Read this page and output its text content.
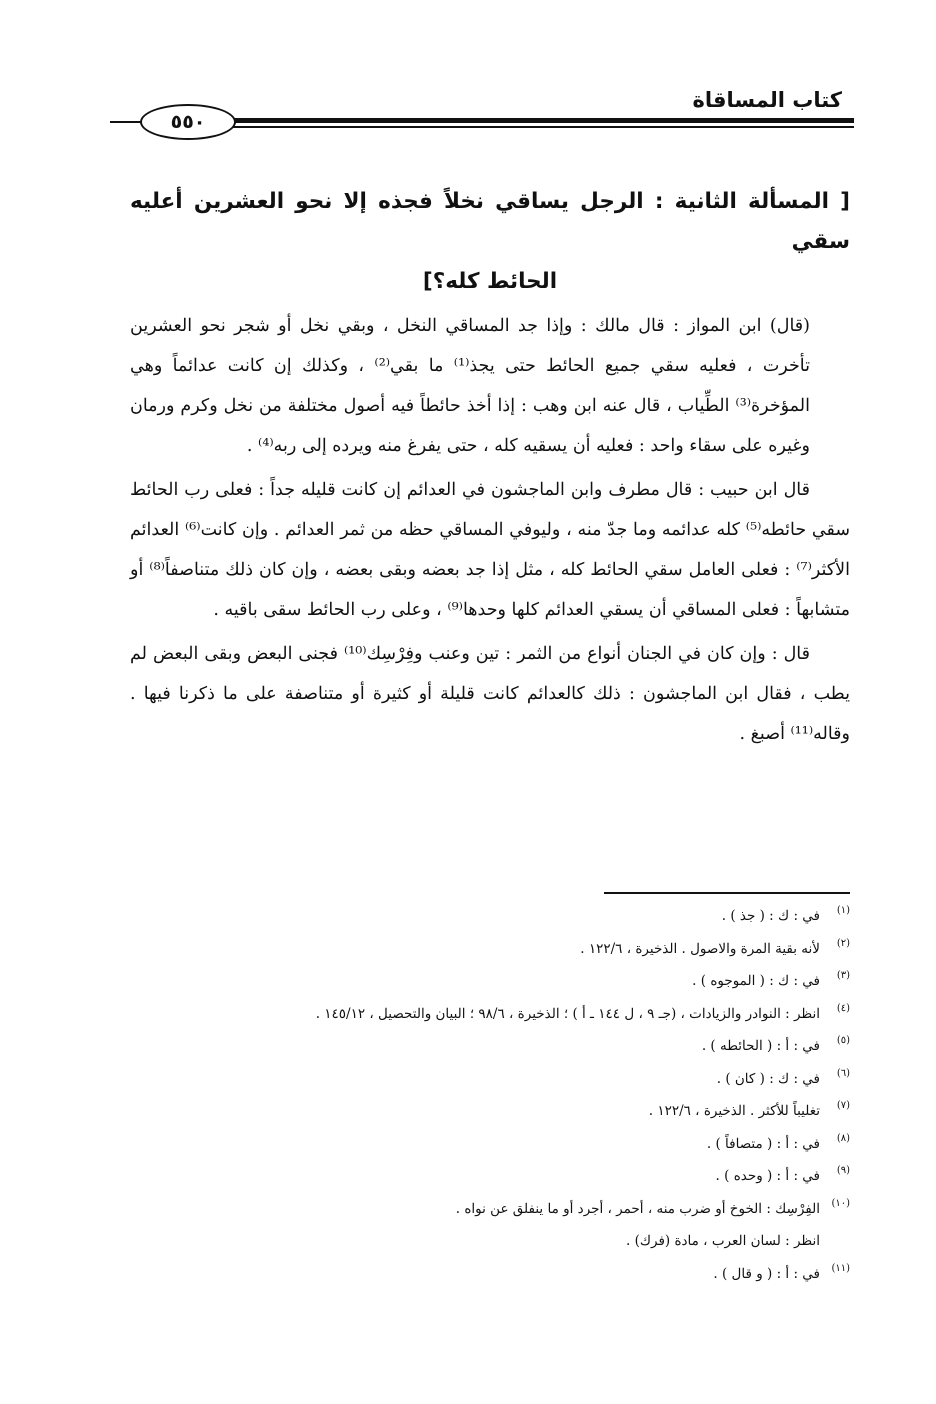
٥٥٠
كتاب المساقاة
[ المسألة الثانية : الرجل يساقي نخلاً فجذه إلا نحو العشرين أعليه سقي
الحائط كله؟]

(قال) ابن المواز : قال مالك : وإذا جد المساقي النخل ، وبقي نخل أو شجر نحو العشرين تأخرت ، فعليه سقي جميع الحائط حتى يجذ⁽¹⁾ ما بقي⁽²⁾ ، وكذلك إن كانت عدائماً وهي المؤخرة⁽³⁾ الطِّياب ، قال عنه ابن وهب : إذا أخذ حائطاً فيه أصول مختلفة من نخل وكرم ورمان وغيره على سقاء واحد : فعليه أن يسقيه كله ، حتى يفرغ منه ويرده إلى ربه⁽⁴⁾ .

قال ابن حبيب : قال مطرف وابن الماجشون في العدائم إن كانت قليله جداً : فعلى رب الحائط سقي حائطه⁽⁵⁾ كله عدائمه وما جدّ منه ، وليوفي المساقي حظه من ثمر العدائم . وإن كانت⁽⁶⁾ العدائم الأكثر⁽⁷⁾ : فعلى العامل سقي الحائط كله ، مثل إذا جد بعضه وبقى بعضه ، وإن كان ذلك متناصفاً⁽⁸⁾ أو متشابهاً : فعلى المساقي أن يسقي العدائم كلها وحدها⁽⁹⁾ ، وعلى رب الحائط سقى باقيه .

قال : وإن كان في الجنان أنواع من الثمر : تين وعنب وفِرْسِك⁽¹⁰⁾ فجنى البعض وبقى البعض لم يطب ، فقال ابن الماجشون : ذلك كالعدائم كانت قليلة أو كثيرة أو متناصفة على ما ذكرنا فيها . وقاله⁽¹¹⁾ أصبغ .

(١)في : ك : ( جذ ) .
(٢)لأنه بقية المرة والاصول . الذخيرة ، ١٢٢/٦ .
(٣)في : ك : ( الموجوه ) .
(٤)انظر : النوادر والزيادات ، (جـ ٩ ، ل ١٤٤ ـ أ ) ؛ الذخيرة ، ٩٨/٦ ؛ البيان والتحصيل ، ١٤٥/١٢ .
(٥)في : أ : ( الحائطه ) .
(٦)في : ك : ( كان ) .
(٧)تغليباً للأكثر . الذخيرة ، ١٢٢/٦ .
(٨)في : أ : ( متصافاً ) .
(٩)في : أ : ( وحده ) .
(١٠)الفِرْسِك : الخوخ أو ضرب منه ، أحمر ، أجرد أو ما ينفلق عن نواه .
انظر : لسان العرب ، مادة (فرك) .
(١١)في : أ : ( و قال ) .
